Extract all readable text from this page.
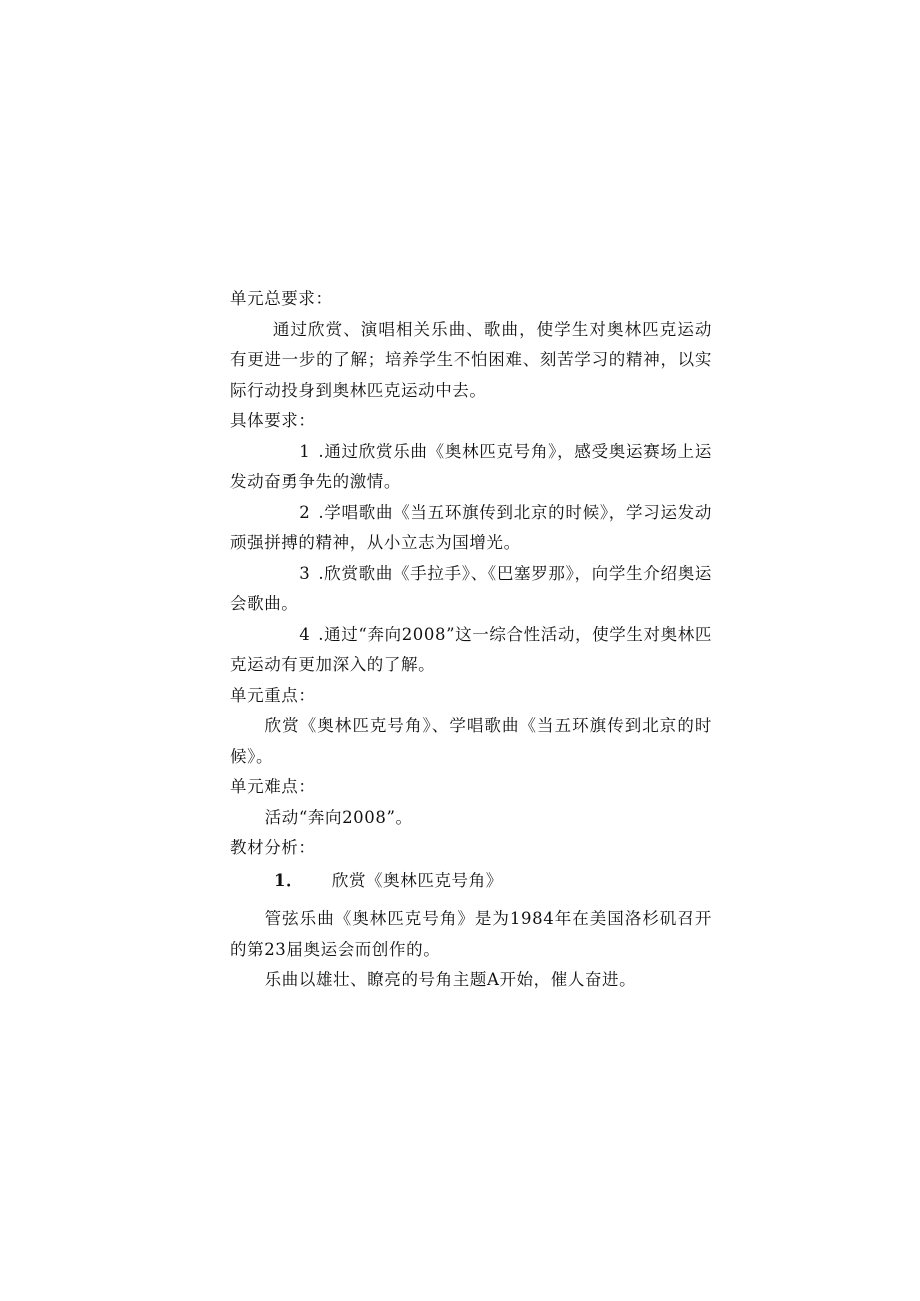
单元总要求：

通过欣赏、演唱相关乐曲、歌曲，使学生对奥林匹克运动有更进一步的了解；培养学生不怕困难、刻苦学习的精神，以实际行动投身到奥林匹克运动中去。

具体要求：

1 .通过欣赏乐曲《奥林匹克号角》，感受奥运赛场上运发动奋勇争先的激情。

2 .学唱歌曲《当五环旗传到北京的时候》，学习运发动顽强拼搏的精神，从小立志为国增光。

3 .欣赏歌曲《手拉手》、《巴塞罗那》，向学生介绍奥运会歌曲。

4 .通过“奔向2008”这一综合性活动，使学生对奥林匹克运动有更加深入的了解。

单元重点：

欣赏《奥林匹克号角》、学唱歌曲《当五环旗传到北京的时候》。

单元难点：

活动“奔向2008”。

教材分析：

1． 欣赏《奥林匹克号角》

管弦乐曲《奥林匹克号角》是为1984年在美国洛杉矶召开的第23届奥运会而创作的。

乐曲以雄壮、瞭亮的号角主题A开始，催人奋进。
